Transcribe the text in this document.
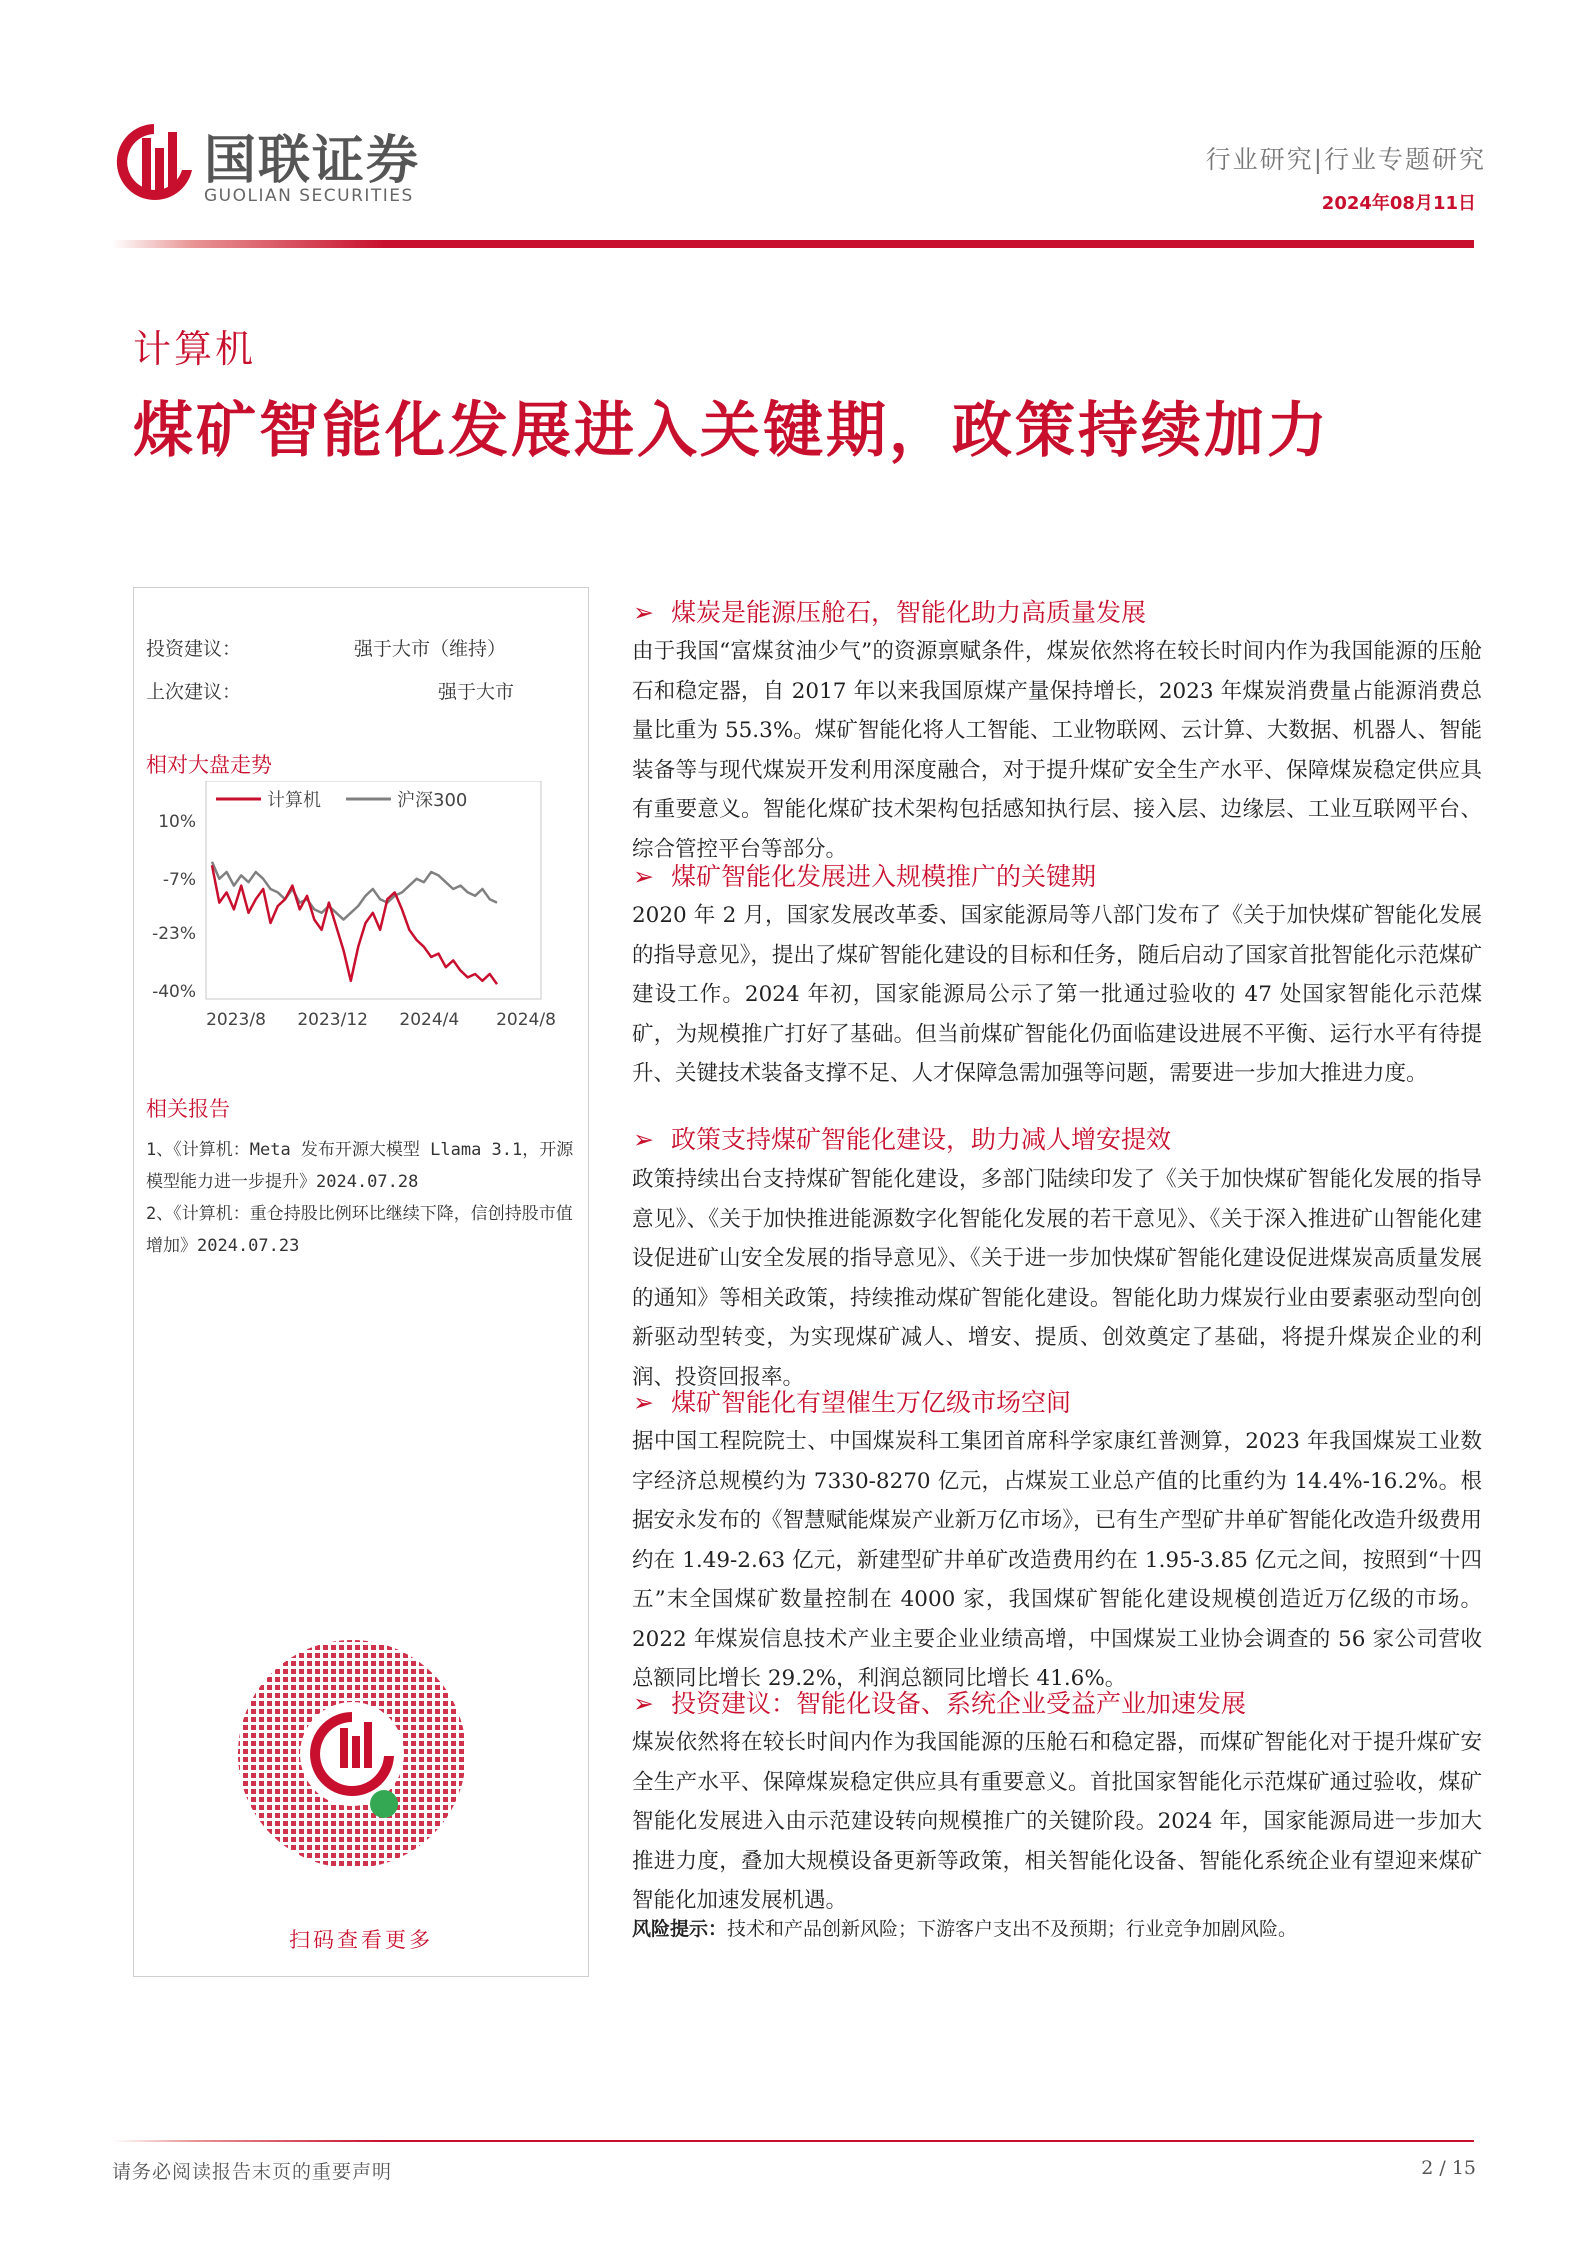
国联证券
GUOLIAN SECURITIES
行业研究|行业专题研究
2024年08月11日
计算机
煤矿智能化发展进入关键期，政策持续加力
投资建议：	强于大市（维持）
上次建议：	强于大市
相对大盘走势
计算机	沪深300
10%
-7%
-23%
-40%
2023/8 2023/12 2024/4 2024/8
相关报告
1、《计算机：Meta 发布开源大模型 Llama 3.1，开源模型能力进一步提升》2024.07.28
2、《计算机：重仓持股比例环比继续下降，信创持股市值增加》2024.07.23
扫码查看更多
➢ 煤炭是能源压舱石，智能化助力高质量发展
由于我国“富煤贫油少气”的资源禀赋条件，煤炭依然将在较长时间内作为我国能源的压舱石和稳定器，自 2017 年以来我国原煤产量保持增长，2023 年煤炭消费量占能源消费总量比重为 55.3%。煤矿智能化将人工智能、工业物联网、云计算、大数据、机器人、智能装备等与现代煤炭开发利用深度融合，对于提升煤矿安全生产水平、保障煤炭稳定供应具有重要意义。智能化煤矿技术架构包括感知执行层、接入层、边缘层、工业互联网平台、综合管控平台等部分。
➢ 煤矿智能化发展进入规模推广的关键期
2020 年 2 月，国家发展改革委、国家能源局等八部门发布了《关于加快煤矿智能化发展的指导意见》，提出了煤矿智能化建设的目标和任务，随后启动了国家首批智能化示范煤矿建设工作。2024 年初，国家能源局公示了第一批通过验收的 47 处国家智能化示范煤矿，为规模推广打好了基础。但当前煤矿智能化仍面临建设进展不平衡、运行水平有待提升、关键技术装备支撑不足、人才保障急需加强等问题，需要进一步加大推进力度。
➢ 政策支持煤矿智能化建设，助力减人增安提效
政策持续出台支持煤矿智能化建设，多部门陆续印发了《关于加快煤矿智能化发展的指导意见》、《关于加快推进能源数字化智能化发展的若干意见》、《关于深入推进矿山智能化建设促进矿山安全发展的指导意见》、《关于进一步加快煤矿智能化建设促进煤炭高质量发展的通知》等相关政策，持续推动煤矿智能化建设。智能化助力煤炭行业由要素驱动型向创新驱动型转变，为实现煤矿减人、增安、提质、创效奠定了基础，将提升煤炭企业的利润、投资回报率。
➢ 煤矿智能化有望催生万亿级市场空间
据中国工程院院士、中国煤炭科工集团首席科学家康红普测算，2023 年我国煤炭工业数字经济总规模约为 7330-8270 亿元，占煤炭工业总产值的比重约为 14.4%-16.2%。根据安永发布的《智慧赋能煤炭产业新万亿市场》，已有生产型矿井单矿智能化改造升级费用约在 1.49-2.63 亿元，新建型矿井单矿改造费用约在 1.95-3.85 亿元之间，按照到“十四五”末全国煤矿数量控制在 4000 家，我国煤矿智能化建设规模创造近万亿级的市场。2022 年煤炭信息技术产业主要企业业绩高增，中国煤炭工业协会调查的 56 家公司营收总额同比增长 29.2%，利润总额同比增长 41.6%。
➢ 投资建议：智能化设备、系统企业受益产业加速发展
煤炭依然将在较长时间内作为我国能源的压舱石和稳定器，而煤矿智能化对于提升煤矿安全生产水平、保障煤炭稳定供应具有重要意义。首批国家智能化示范煤矿通过验收，煤矿智能化发展进入由示范建设转向规模推广的关键阶段。2024 年，国家能源局进一步加大推进力度，叠加大规模设备更新等政策，相关智能化设备、智能化系统企业有望迎来煤矿智能化加速发展机遇。
风险提示：技术和产品创新风险；下游客户支出不及预期；行业竞争加剧风险。
请务必阅读报告末页的重要声明	2 / 15
